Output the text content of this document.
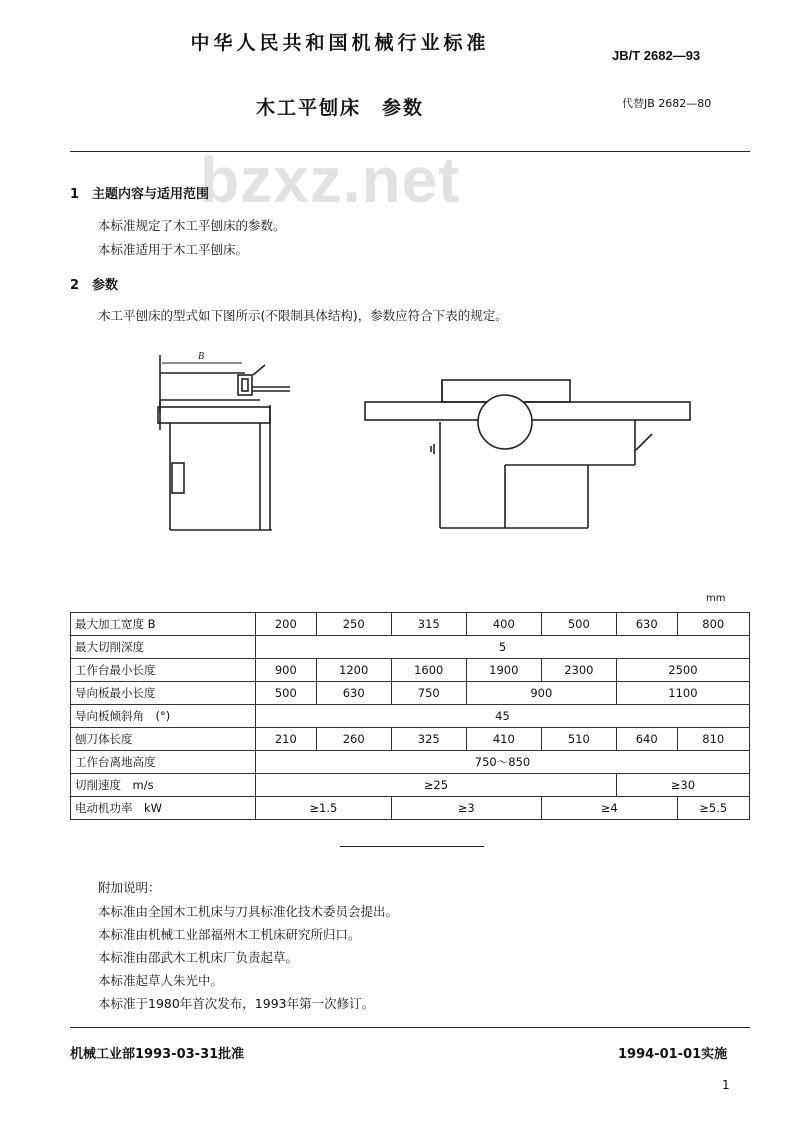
中华人民共和国机械行业标准
JB/T 2682—93
木工平刨床　参数	代替JB 2682—80
bzxz.net
1　主题内容与适用范围
本标准规定了木工平刨床的参数。
本标准适用于木工平刨床。
2　参数
木工平刨床的型式如下图所示(不限制具体结构)，参数应符合下表的规定。
B
mm
最大加工宽度 B	200	250	315	400	500	630	800
最大切削深度	5						
工作台最小长度	900	1200	1600	1900	2300	2500	
导向板最小长度	500	630	750	900		1100	
导向板倾斜角　(°)	45						
刨刀体长度	210	260	325	410	510	640	810
工作台离地高度	750～850						
切削速度　m/s	≥25					≥30	
电动机功率　kW	≥1.5		≥3		≥4		≥5.5
附加说明：
本标准由全国木工机床与刀具标准化技术委员会提出。
本标准由机械工业部福州木工机床研究所归口。
本标准由邵武木工机床厂负责起草。
本标准起草人朱光中。
本标准于1980年首次发布，1993年第一次修订。
机械工业部1993-03-31批准	1994-01-01实施
1
